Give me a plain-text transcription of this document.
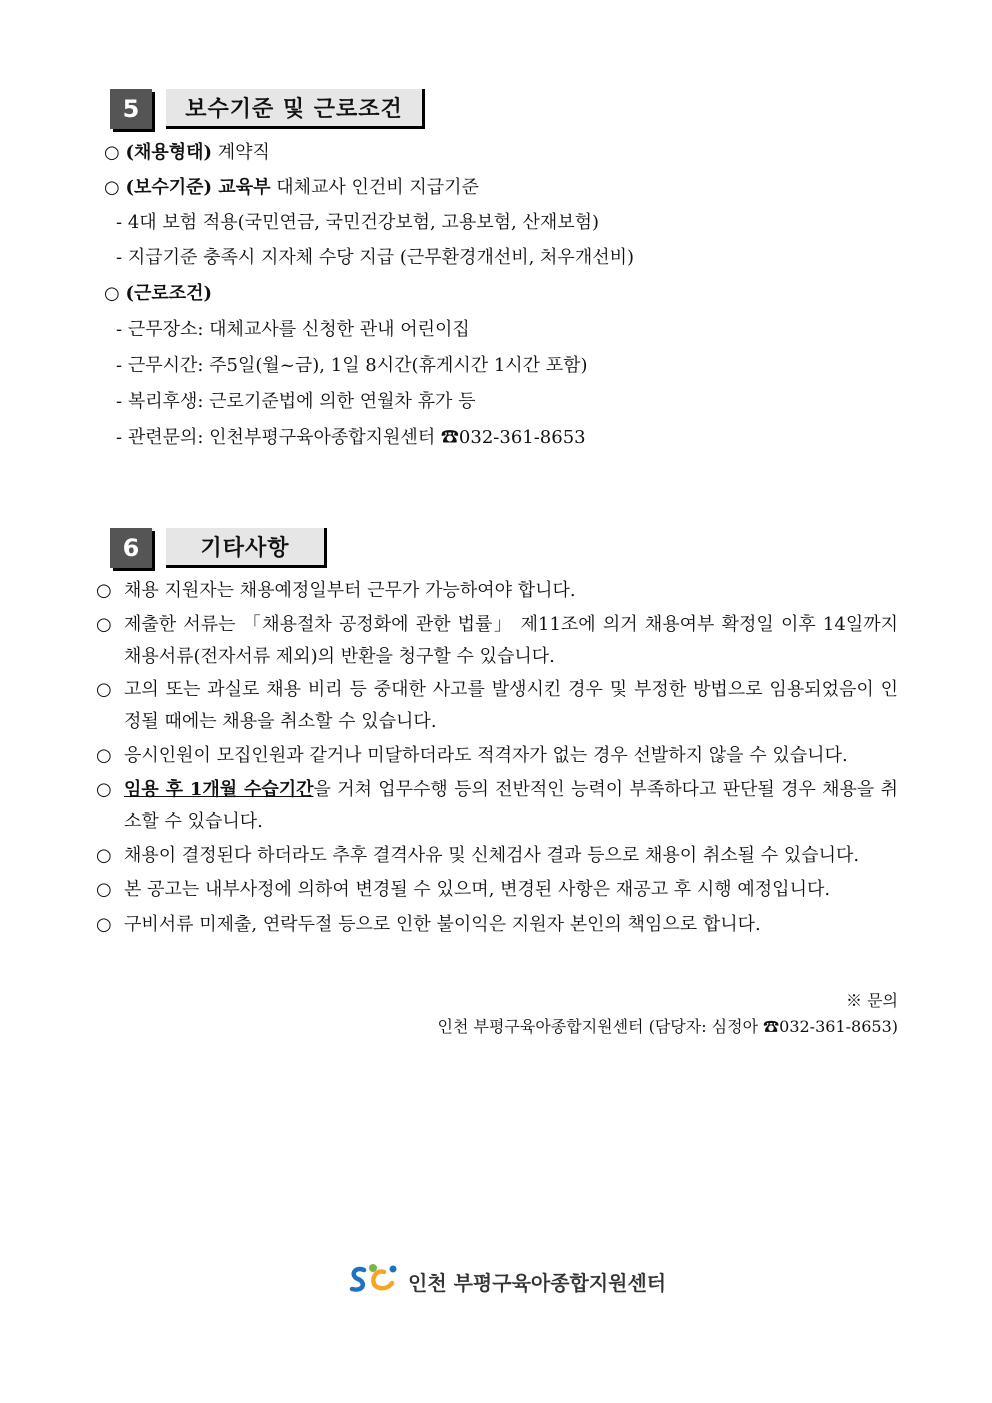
5	보수기준 및 근로조건
○ (채용형태) 계약직
○ (보수기준) 교육부 대체교사 인건비 지급기준
- 4대 보험 적용(국민연금, 국민건강보험, 고용보험, 산재보험)
- 지급기준 충족시 지자체 수당 지급 (근무환경개선비, 처우개선비)
○ (근로조건)
- 근무장소: 대체교사를 신청한 관내 어린이집
- 근무시간: 주5일(월~금), 1일 8시간(휴게시간 1시간 포함)
- 복리후생: 근로기준법에 의한 연월차 휴가 등
- 관련문의: 인천부평구육아종합지원센터 ☎032-361-8653
6	기타사항
○ 채용 지원자는 채용예정일부터 근무가 가능하여야 합니다.
○ 제출한 서류는 「채용절차 공정화에 관한 법률」 제11조에 의거 채용여부 확정일 이후 14일까지 채용서류(전자서류 제외)의 반환을 청구할 수 있습니다.
○ 고의 또는 과실로 채용 비리 등 중대한 사고를 발생시킨 경우 및 부정한 방법으로 임용되었음이 인정될 때에는 채용을 취소할 수 있습니다.
○ 응시인원이 모집인원과 같거나 미달하더라도 적격자가 없는 경우 선발하지 않을 수 있습니다.
○ 임용 후 1개월 수습기간을 거쳐 업무수행 등의 전반적인 능력이 부족하다고 판단될 경우 채용을 취소할 수 있습니다.
○ 채용이 결정된다 하더라도 추후 결격사유 및 신체검사 결과 등으로 채용이 취소될 수 있습니다.
○ 본 공고는 내부사정에 의하여 변경될 수 있으며, 변경된 사항은 재공고 후 시행 예정입니다.
○ 구비서류 미제출, 연락두절 등으로 인한 불이익은 지원자 본인의 책임으로 합니다.
※ 문의
인천 부평구육아종합지원센터 (담당자: 심정아 ☎032-361-8653)
인천 부평구육아종합지원센터
